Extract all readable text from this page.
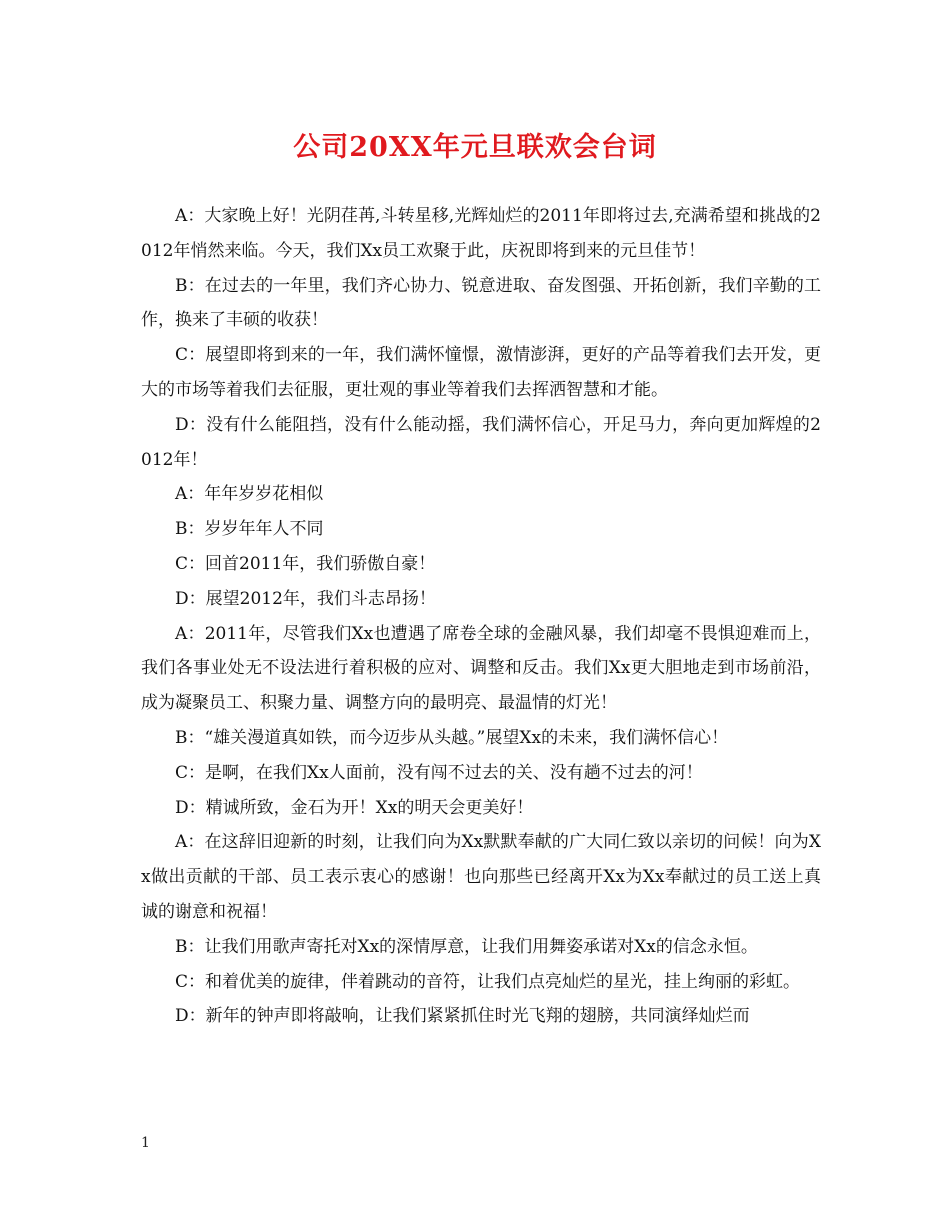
公司20XX年元旦联欢会台词

A：大家晚上好！光阴荏苒,斗转星移,光辉灿烂的2011年即将过去,充满希望和挑战的2012年悄然来临。今天，我们Xx员工欢聚于此，庆祝即将到来的元旦佳节！

B：在过去的一年里，我们齐心协力、锐意进取、奋发图强、开拓创新，我们辛勤的工作，换来了丰硕的收获！

C：展望即将到来的一年，我们满怀憧憬，激情澎湃，更好的产品等着我们去开发，更大的市场等着我们去征服，更壮观的事业等着我们去挥洒智慧和才能。

D：没有什么能阻挡，没有什么能动摇，我们满怀信心，开足马力，奔向更加辉煌的2012年！

A：年年岁岁花相似

B：岁岁年年人不同

C：回首2011年，我们骄傲自豪！

D：展望2012年，我们斗志昂扬！

A：2011年，尽管我们Xx也遭遇了席卷全球的金融风暴，我们却毫不畏惧迎难而上，我们各事业处无不设法进行着积极的应对、调整和反击。我们Xx更大胆地走到市场前沿，成为凝聚员工、积聚力量、调整方向的最明亮、最温情的灯光！

B：“雄关漫道真如铁，而今迈步从头越。”展望Xx的未来，我们满怀信心！

C：是啊，在我们Xx人面前，没有闯不过去的关、没有趟不过去的河！

D：精诚所致，金石为开！Xx的明天会更美好！

A：在这辞旧迎新的时刻，让我们向为Xx默默奉献的广大同仁致以亲切的问候！向为Xx做出贡献的干部、员工表示衷心的感谢！也向那些已经离开Xx为Xx奉献过的员工送上真诚的谢意和祝福！

B：让我们用歌声寄托对Xx的深情厚意，让我们用舞姿承诺对Xx的信念永恒。

C：和着优美的旋律，伴着跳动的音符，让我们点亮灿烂的星光，挂上绚丽的彩虹。

D：新年的钟声即将敲响，让我们紧紧抓住时光飞翔的翅膀，共同演绎灿烂而

1
